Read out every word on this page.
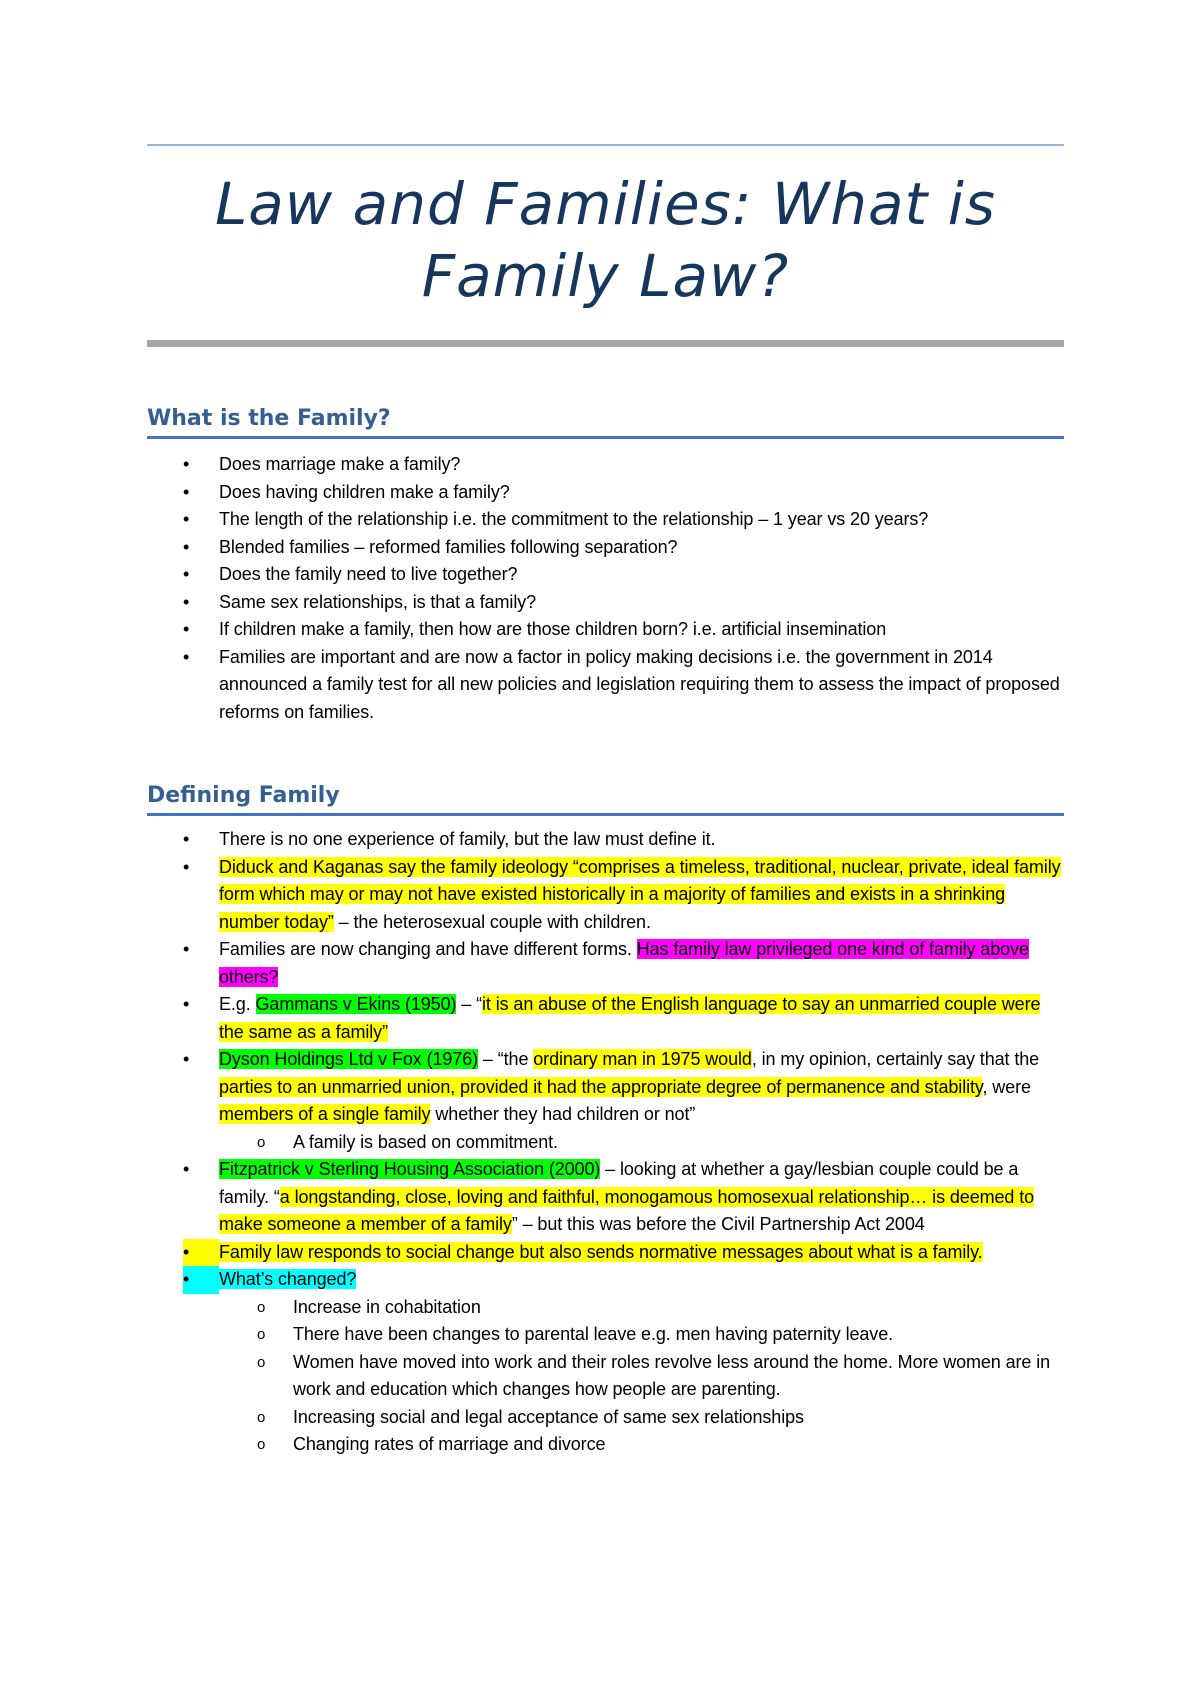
Law and Families: What is Family Law?
What is the Family?
•	Does marriage make a family?
•	Does having children make a family?
•	The length of the relationship i.e. the commitment to the relationship – 1 year vs 20 years?
•	Blended families – reformed families following separation?
•	Does the family need to live together?
•	Same sex relationships, is that a family?
•	If children make a family, then how are those children born? i.e. artificial insemination
•	Families are important and are now a factor in policy making decisions i.e. the government in 2014 announced a family test for all new policies and legislation requiring them to assess the impact of proposed reforms on families.
Defining Family
•	There is no one experience of family, but the law must define it.
•	Diduck and Kaganas say the family ideology “comprises a timeless, traditional, nuclear, private, ideal family form which may or may not have existed historically in a majority of families and exists in a shrinking number today” – the heterosexual couple with children.
•	Families are now changing and have different forms. Has family law privileged one kind of family above others?
•	E.g. Gammans v Ekins (1950) – “it is an abuse of the English language to say an unmarried couple were the same as a family”
•	Dyson Holdings Ltd v Fox (1976) – “the ordinary man in 1975 would, in my opinion, certainly say that the parties to an unmarried union, provided it had the appropriate degree of permanence and stability, were members of a single family whether they had children or not”
o	A family is based on commitment.
•	Fitzpatrick v Sterling Housing Association (2000) – looking at whether a gay/lesbian couple could be a family. “a longstanding, close, loving and faithful, monogamous homosexual relationship… is deemed to make someone a member of a family” – but this was before the Civil Partnership Act 2004
•	Family law responds to social change but also sends normative messages about what is a family.
•	What’s changed?
o	Increase in cohabitation
o	There have been changes to parental leave e.g. men having paternity leave.
o	Women have moved into work and their roles revolve less around the home. More women are in work and education which changes how people are parenting.
o	Increasing social and legal acceptance of same sex relationships
o	Changing rates of marriage and divorce
